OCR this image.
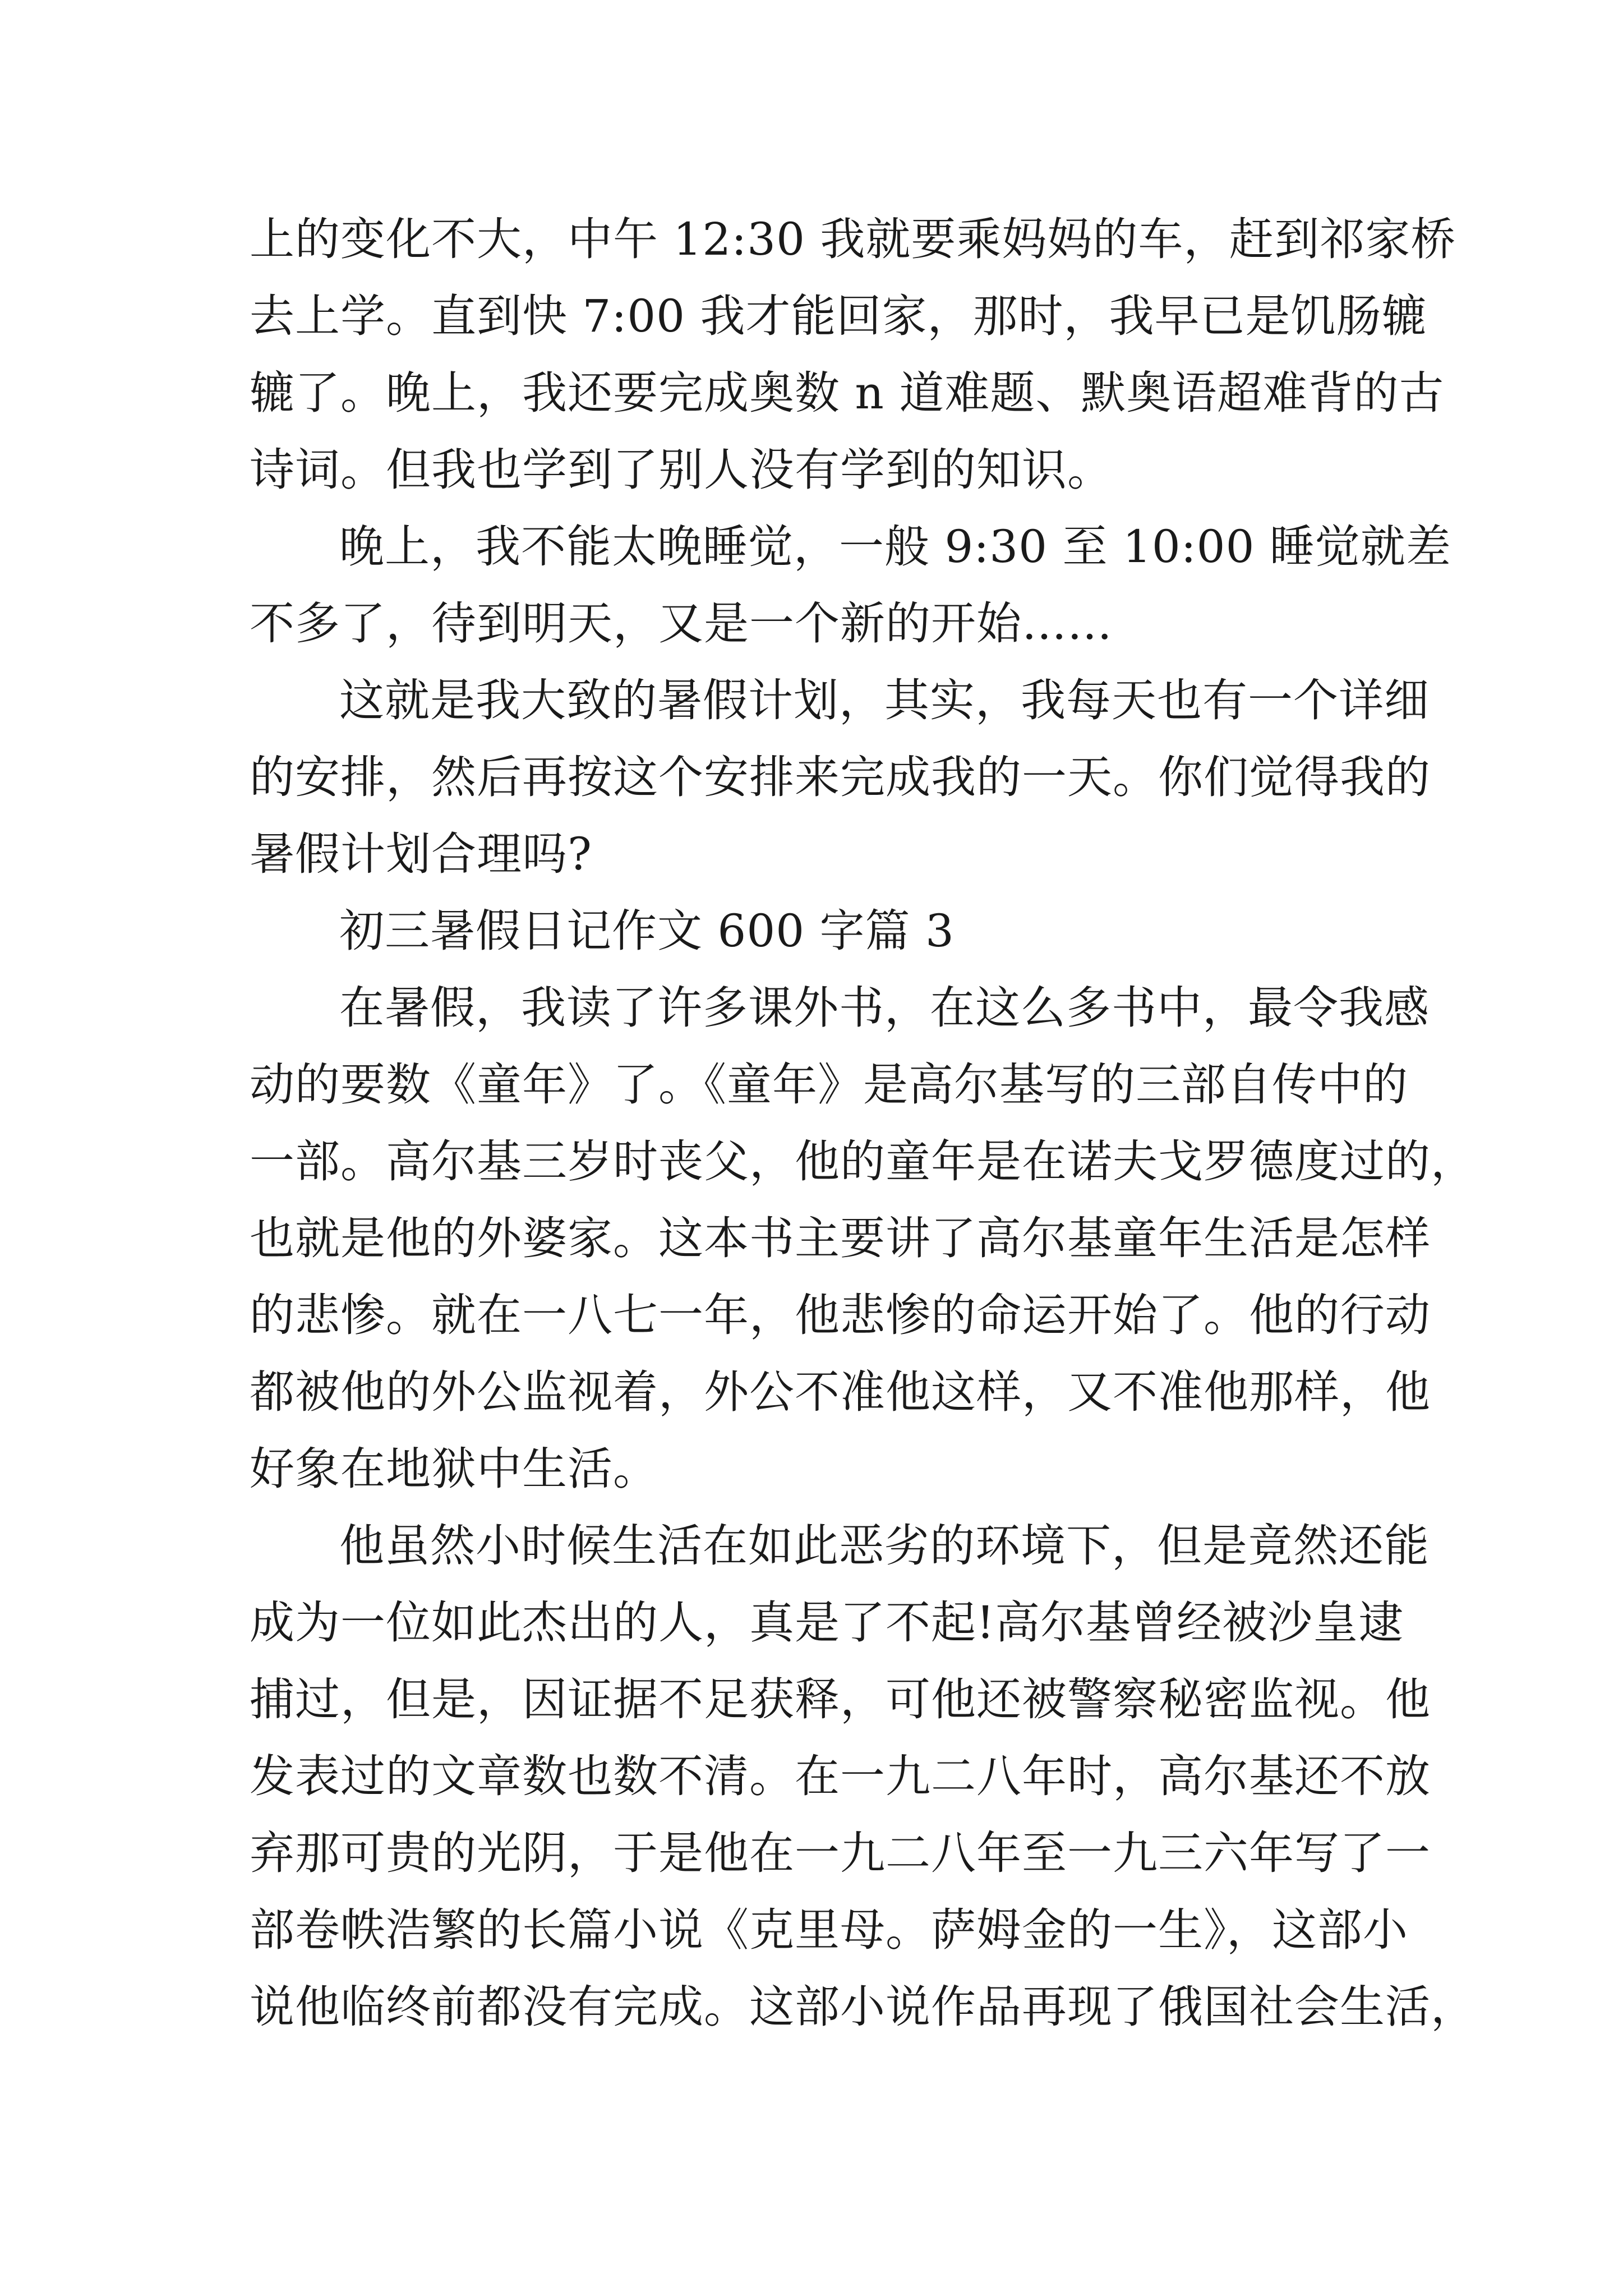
上的变化不大，中午 12:30 我就要乘妈妈的车，赶到祁家桥
去上学。直到快 7:00 我才能回家，那时，我早已是饥肠辘
辘了。晚上，我还要完成奥数 n 道难题、默奥语超难背的古
诗词。但我也学到了别人没有学到的知识。

晚上，我不能太晚睡觉，一般 9:30 至 10:00 睡觉就差
不多了，待到明天，又是一个新的开始……

这就是我大致的暑假计划，其实，我每天也有一个详细
的安排，然后再按这个安排来完成我的一天。你们觉得我的
暑假计划合理吗?

初三暑假日记作文 600 字篇 3

在暑假，我读了许多课外书，在这么多书中，最令我感
动的要数《童年》了。《童年》是高尔基写的三部自传中的
一部。高尔基三岁时丧父，他的童年是在诺夫戈罗德度过的，
也就是他的外婆家。这本书主要讲了高尔基童年生活是怎样
的悲惨。就在一八七一年，他悲惨的命运开始了。他的行动
都被他的外公监视着，外公不准他这样，又不准他那样，他
好象在地狱中生活。

他虽然小时候生活在如此恶劣的环境下，但是竟然还能
成为一位如此杰出的人，真是了不起!高尔基曾经被沙皇逮
捕过，但是，因证据不足获释，可他还被警察秘密监视。他
发表过的文章数也数不清。在一九二八年时，高尔基还不放
弃那可贵的光阴，于是他在一九二八年至一九三六年写了一
部卷帙浩繁的长篇小说《克里母。萨姆金的一生》，这部小
说他临终前都没有完成。这部小说作品再现了俄国社会生活，
